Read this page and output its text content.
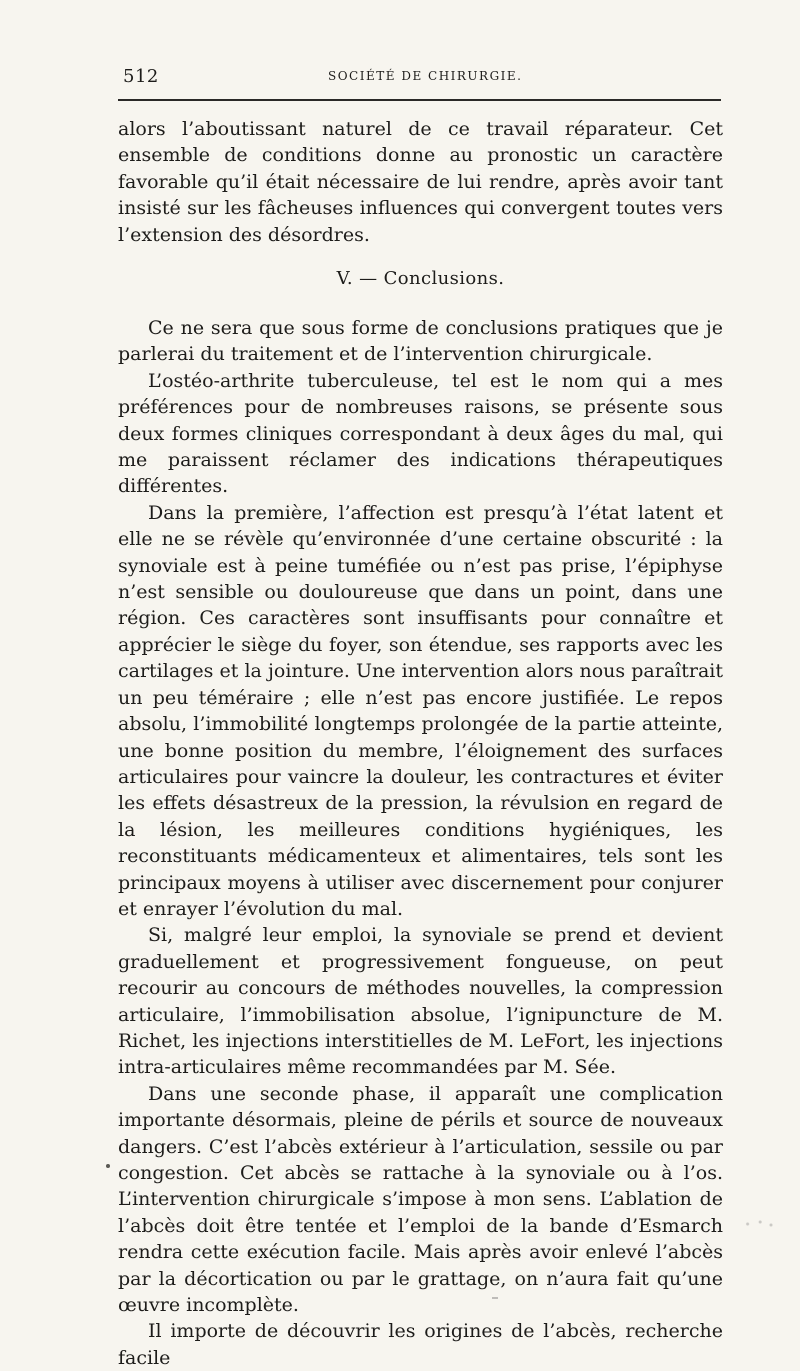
512	SOCIÉTÉ DE CHIRURGIE.

alors l’aboutissant naturel de ce travail réparateur. Cet ensemble de conditions donne au pronostic un caractère favorable qu’il était nécessaire de lui rendre, après avoir tant insisté sur les fâcheuses influences qui convergent toutes vers l’extension des désordres.

V. — Conclusions.

Ce ne sera que sous forme de conclusions pratiques que je parlerai du traitement et de l’intervention chirurgicale.

L’ostéo-arthrite tuberculeuse, tel est le nom qui a mes préférences pour de nombreuses raisons, se présente sous deux formes cliniques correspondant à deux âges du mal, qui me paraissent réclamer des indications thérapeutiques différentes.

Dans la première, l’affection est presqu’à l’état latent et elle ne se révèle qu’environnée d’une certaine obscurité : la synoviale est à peine tuméfiée ou n’est pas prise, l’épiphyse n’est sensible ou douloureuse que dans un point, dans une région. Ces caractères sont insuffisants pour connaître et apprécier le siège du foyer, son étendue, ses rapports avec les cartilages et la jointure. Une intervention alors nous paraîtrait un peu téméraire ; elle n’est pas encore justifiée. Le repos absolu, l’immobilité longtemps prolongée de la partie atteinte, une bonne position du membre, l’éloignement des surfaces articulaires pour vaincre la douleur, les contractures et éviter les effets désastreux de la pression, la révulsion en regard de la lésion, les meilleures conditions hygiéniques, les reconstituants médicamenteux et alimentaires, tels sont les principaux moyens à utiliser avec discernement pour conjurer et enrayer l’évolution du mal.

Si, malgré leur emploi, la synoviale se prend et devient graduellement et progressivement fongueuse, on peut recourir au concours de méthodes nouvelles, la compression articulaire, l’immobilisation absolue, l’ignipuncture de M. Richet, les injections interstitielles de M. LeFort, les injections intra-articulaires même recommandées par M. Sée.

Dans une seconde phase, il apparaît une complication importante désormais, pleine de périls et source de nouveaux dangers. C’est l’abcès extérieur à l’articulation, sessile ou par congestion. Cet abcès se rattache à la synoviale ou à l’os. L’intervention chirurgicale s’impose à mon sens. L’ablation de l’abcès doit être tentée et l’emploi de la bande d’Esmarch rendra cette exécution facile. Mais après avoir enlevé l’abcès par la décortication ou par le grattage, on n’aura fait qu’une œuvre incomplète.

Il importe de découvrir les origines de l’abcès, recherche facile
